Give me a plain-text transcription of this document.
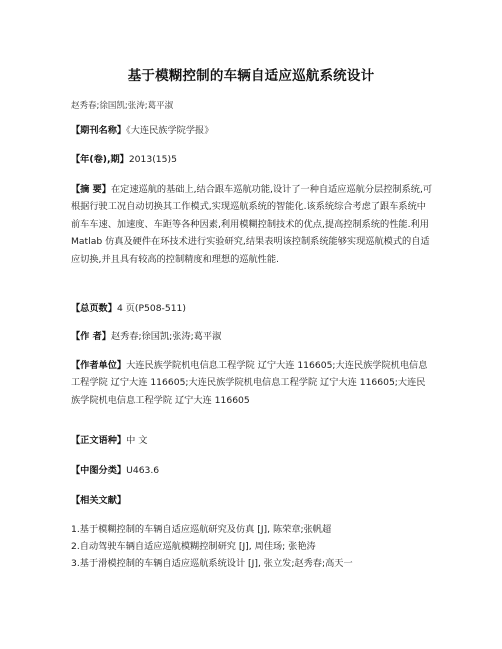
基于模糊控制的车辆自适应巡航系统设计
赵秀春;徐国凯;张涛;葛平淑
【期刊名称】《大连民族学院学报》
【年(卷),期】2013(15)5
【摘 要】在定速巡航的基础上,结合跟车巡航功能,设计了一种自适应巡航分层控制系统,可根据行驶工况自动切换其工作模式,实现巡航系统的智能化.该系统综合考虑了跟车系统中前车车速、加速度、车距等各种因素,利用模糊控制技术的优点,提高控制系统的性能.利用 Matlab 仿真及硬件在环技术进行实验研究,结果表明该控制系统能够实现巡航模式的自适应切换,并且具有较高的控制精度和理想的巡航性能.
【总页数】4 页(P508-511)
【作 者】赵秀春;徐国凯;张涛;葛平淑
【作者单位】大连民族学院机电信息工程学院 辽宁大连 116605;大连民族学院机电信息工程学院 辽宁大连 116605;大连民族学院机电信息工程学院 辽宁大连 116605;大连民族学院机电信息工程学院 辽宁大连 116605
【正文语种】中 文
【中图分类】U463.6
【相关文献】
1.基于模糊控制的车辆自适应巡航研究及仿真 [J], 陈荣章;张帆超
2.自动驾驶车辆自适应巡航模糊控制研究 [J], 周佳玚; 张艳涛
3.基于滑模控制的车辆自适应巡航系统设计 [J], 张立发;赵秀春;高天一
